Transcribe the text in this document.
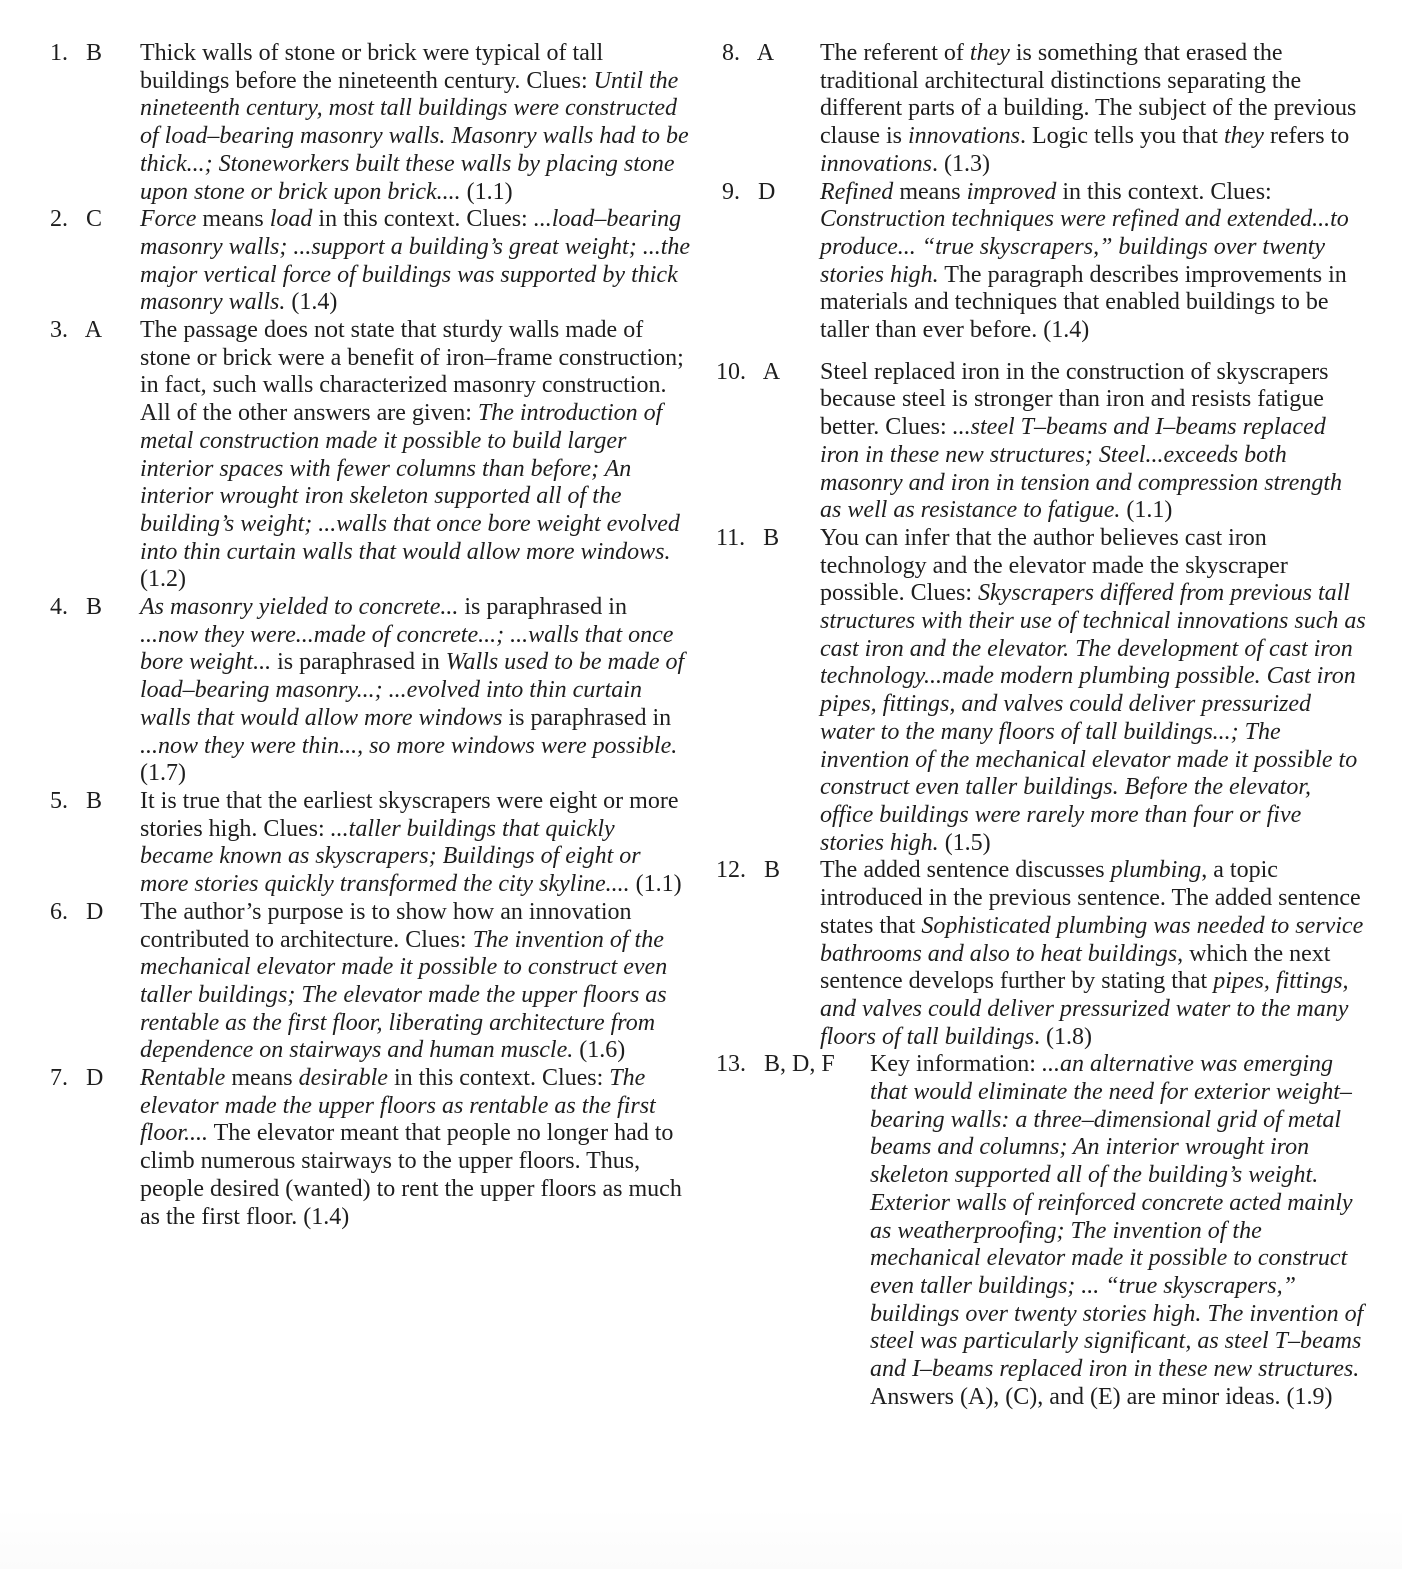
1. B Thick walls of stone or brick were typical of tall buildings before the nineteenth century. Clues: Until the nineteenth century, most tall buildings were constructed of load–bearing masonry walls. Masonry walls had to be thick...; Stoneworkers built these walls by placing stone upon stone or brick upon brick.... (1.1)
2. C Force means load in this context. Clues: ...load–bearing masonry walls; ...support a building’s great weight; ...the major vertical force of buildings was supported by thick masonry walls. (1.4)
3. A The passage does not state that sturdy walls made of stone or brick were a benefit of iron–frame construction; in fact, such walls characterized masonry construction. All of the other answers are given: The introduction of metal construction made it possible to build larger interior spaces with fewer columns than before; An interior wrought iron skeleton supported all of the building’s weight; ...walls that once bore weight evolved into thin curtain walls that would allow more windows. (1.2)
4. B As masonry yielded to concrete... is paraphrased in ...now they were...made of concrete...; ...walls that once bore weight... is paraphrased in Walls used to be made of load–bearing masonry...; ...evolved into thin curtain walls that would allow more windows is paraphrased in ...now they were thin..., so more windows were possible. (1.7)
5. B It is true that the earliest skyscrapers were eight or more stories high. Clues: ...taller buildings that quickly became known as skyscrapers; Buildings of eight or more stories quickly transformed the city skyline.... (1.1)
6. D The author’s purpose is to show how an innovation contributed to architecture. Clues: The invention of the mechanical elevator made it possible to construct even taller buildings; The elevator made the upper floors as rentable as the first floor, liberating architecture from dependence on stairways and human muscle. (1.6)
7. D Rentable means desirable in this context. Clues: The elevator made the upper floors as rentable as the first floor.... The elevator meant that people no longer had to climb numerous stairways to the upper floors. Thus, people desired (wanted) to rent the upper floors as much as the first floor. (1.4)
8. A The referent of they is something that erased the traditional architectural distinctions separating the different parts of a building. The subject of the previous clause is innovations. Logic tells you that they refers to innovations. (1.3)
9. D Refined means improved in this context. Clues: Construction techniques were refined and extended...to produce... “true skyscrapers,” buildings over twenty stories high. The paragraph describes improvements in materials and techniques that enabled buildings to be taller than ever before. (1.4)
10. A Steel replaced iron in the construction of skyscrapers because steel is stronger than iron and resists fatigue better. Clues: ...steel T–beams and I–beams replaced iron in these new structures; Steel...exceeds both masonry and iron in tension and compression strength as well as resistance to fatigue. (1.1)
11. B You can infer that the author believes cast iron technology and the elevator made the skyscraper possible. Clues: Skyscrapers differed from previous tall structures with their use of technical innovations such as cast iron and the elevator. The development of cast iron technology...made modern plumbing possible. Cast iron pipes, fittings, and valves could deliver pressurized water to the many floors of tall buildings...; The invention of the mechanical elevator made it possible to construct even taller buildings. Before the elevator, office buildings were rarely more than four or five stories high. (1.5)
12. B The added sentence discusses plumbing, a topic introduced in the previous sentence. The added sentence states that Sophisticated plumbing was needed to service bathrooms and also to heat buildings, which the next sentence develops further by stating that pipes, fittings, and valves could deliver pressurized water to the many floors of tall buildings. (1.8)
13. B, D, F Key information: ...an alternative was emerging that would eliminate the need for exterior weight–bearing walls: a three–dimensional grid of metal beams and columns; An interior wrought iron skeleton supported all of the building’s weight. Exterior walls of reinforced concrete acted mainly as weatherproofing; The invention of the mechanical elevator made it possible to construct even taller buildings; ... “true skyscrapers,” buildings over twenty stories high. The invention of steel was particularly significant, as steel T–beams and I–beams replaced iron in these new structures. Answers (A), (C), and (E) are minor ideas. (1.9)
